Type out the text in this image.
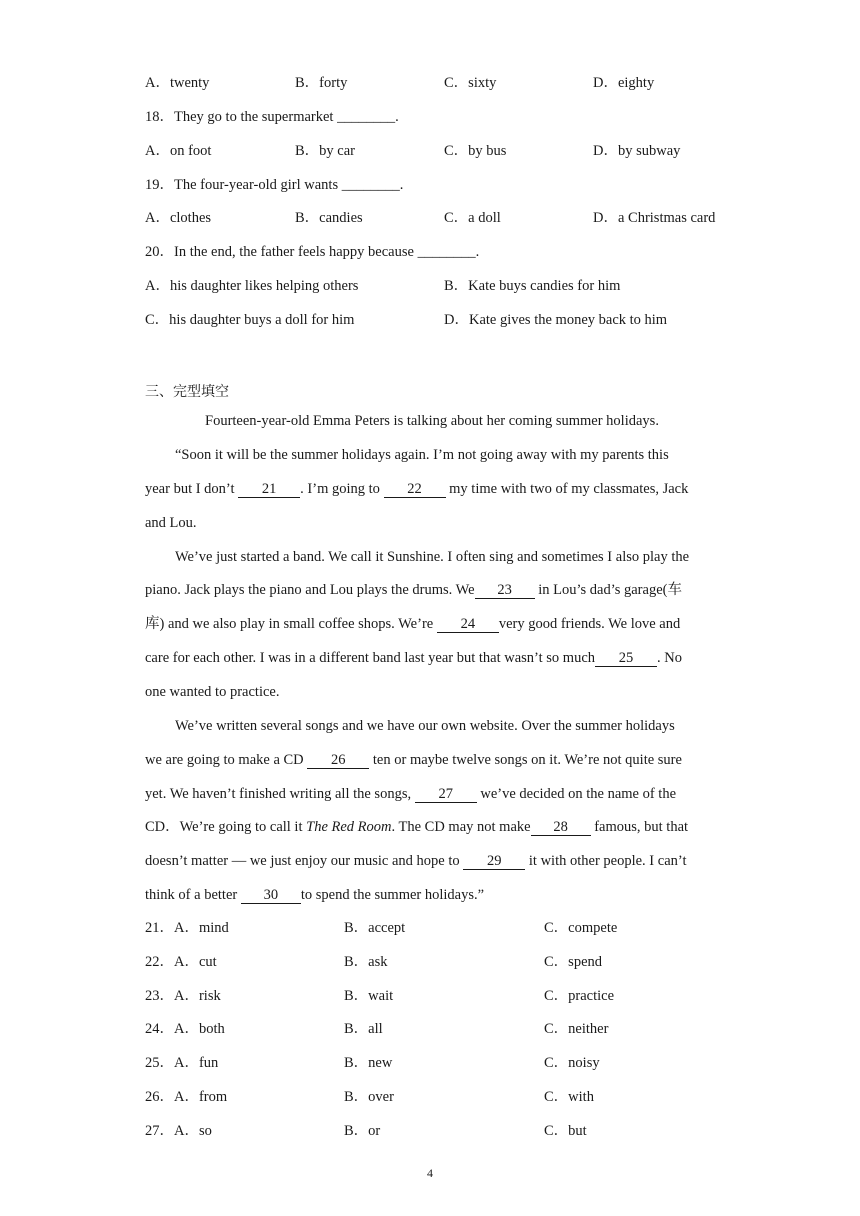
A．twenty	B．forty	C．sixty	D．eighty
18．They go to the supermarket ________.
A．on foot	B．by car	C．by bus	D．by subway
19．The four-year-old girl wants ________.
A．clothes	B．candies	C．a doll	D．a Christmas card
20．In the end, the father feels happy because ________.
A．his daughter likes helping others	B．Kate buys candies for him
C．his daughter buys a doll for him	D．Kate gives the money back to him
三、完型填空
Fourteen-year-old Emma Peters is talking about her coming summer holidays.
“Soon it will be the summer holidays again. I’m not going away with my parents this
year but I don’t 21 . I’m going to 22 my time with two of my classmates, Jack
and Lou.
We’ve just started a band. We call it Sunshine. I often sing and sometimes I also play the
piano. Jack plays the piano and Lou plays the drums. We 23 in Lou’s dad’s garage(车
库) and we also play in small coffee shops. We’re 24 very good friends. We love and
care for each other. I was in a different band last year but that wasn’t so much 25 . No
one wanted to practice.
We’ve written several songs and we have our own website. Over the summer holidays
we are going to make a CD 26 ten or maybe twelve songs on it. We’re not quite sure
yet. We haven’t finished writing all the songs, 27 we’ve decided on the name of the
CD．We’re going to call it The Red Room. The CD may not make 28 famous, but that
doesn’t matter — we just enjoy our music and hope to 29 it with other people. I can’t
think of a better 30 to spend the summer holidays.”
21．A．mind	B．accept	C．compete
22．A．cut	B．ask	C．spend
23．A．risk	B．wait	C．practice
24．A．both	B．all	C．neither
25．A．fun	B．new	C．noisy
26．A．from	B．over	C．with
27．A．so	B．or	C．but
4
